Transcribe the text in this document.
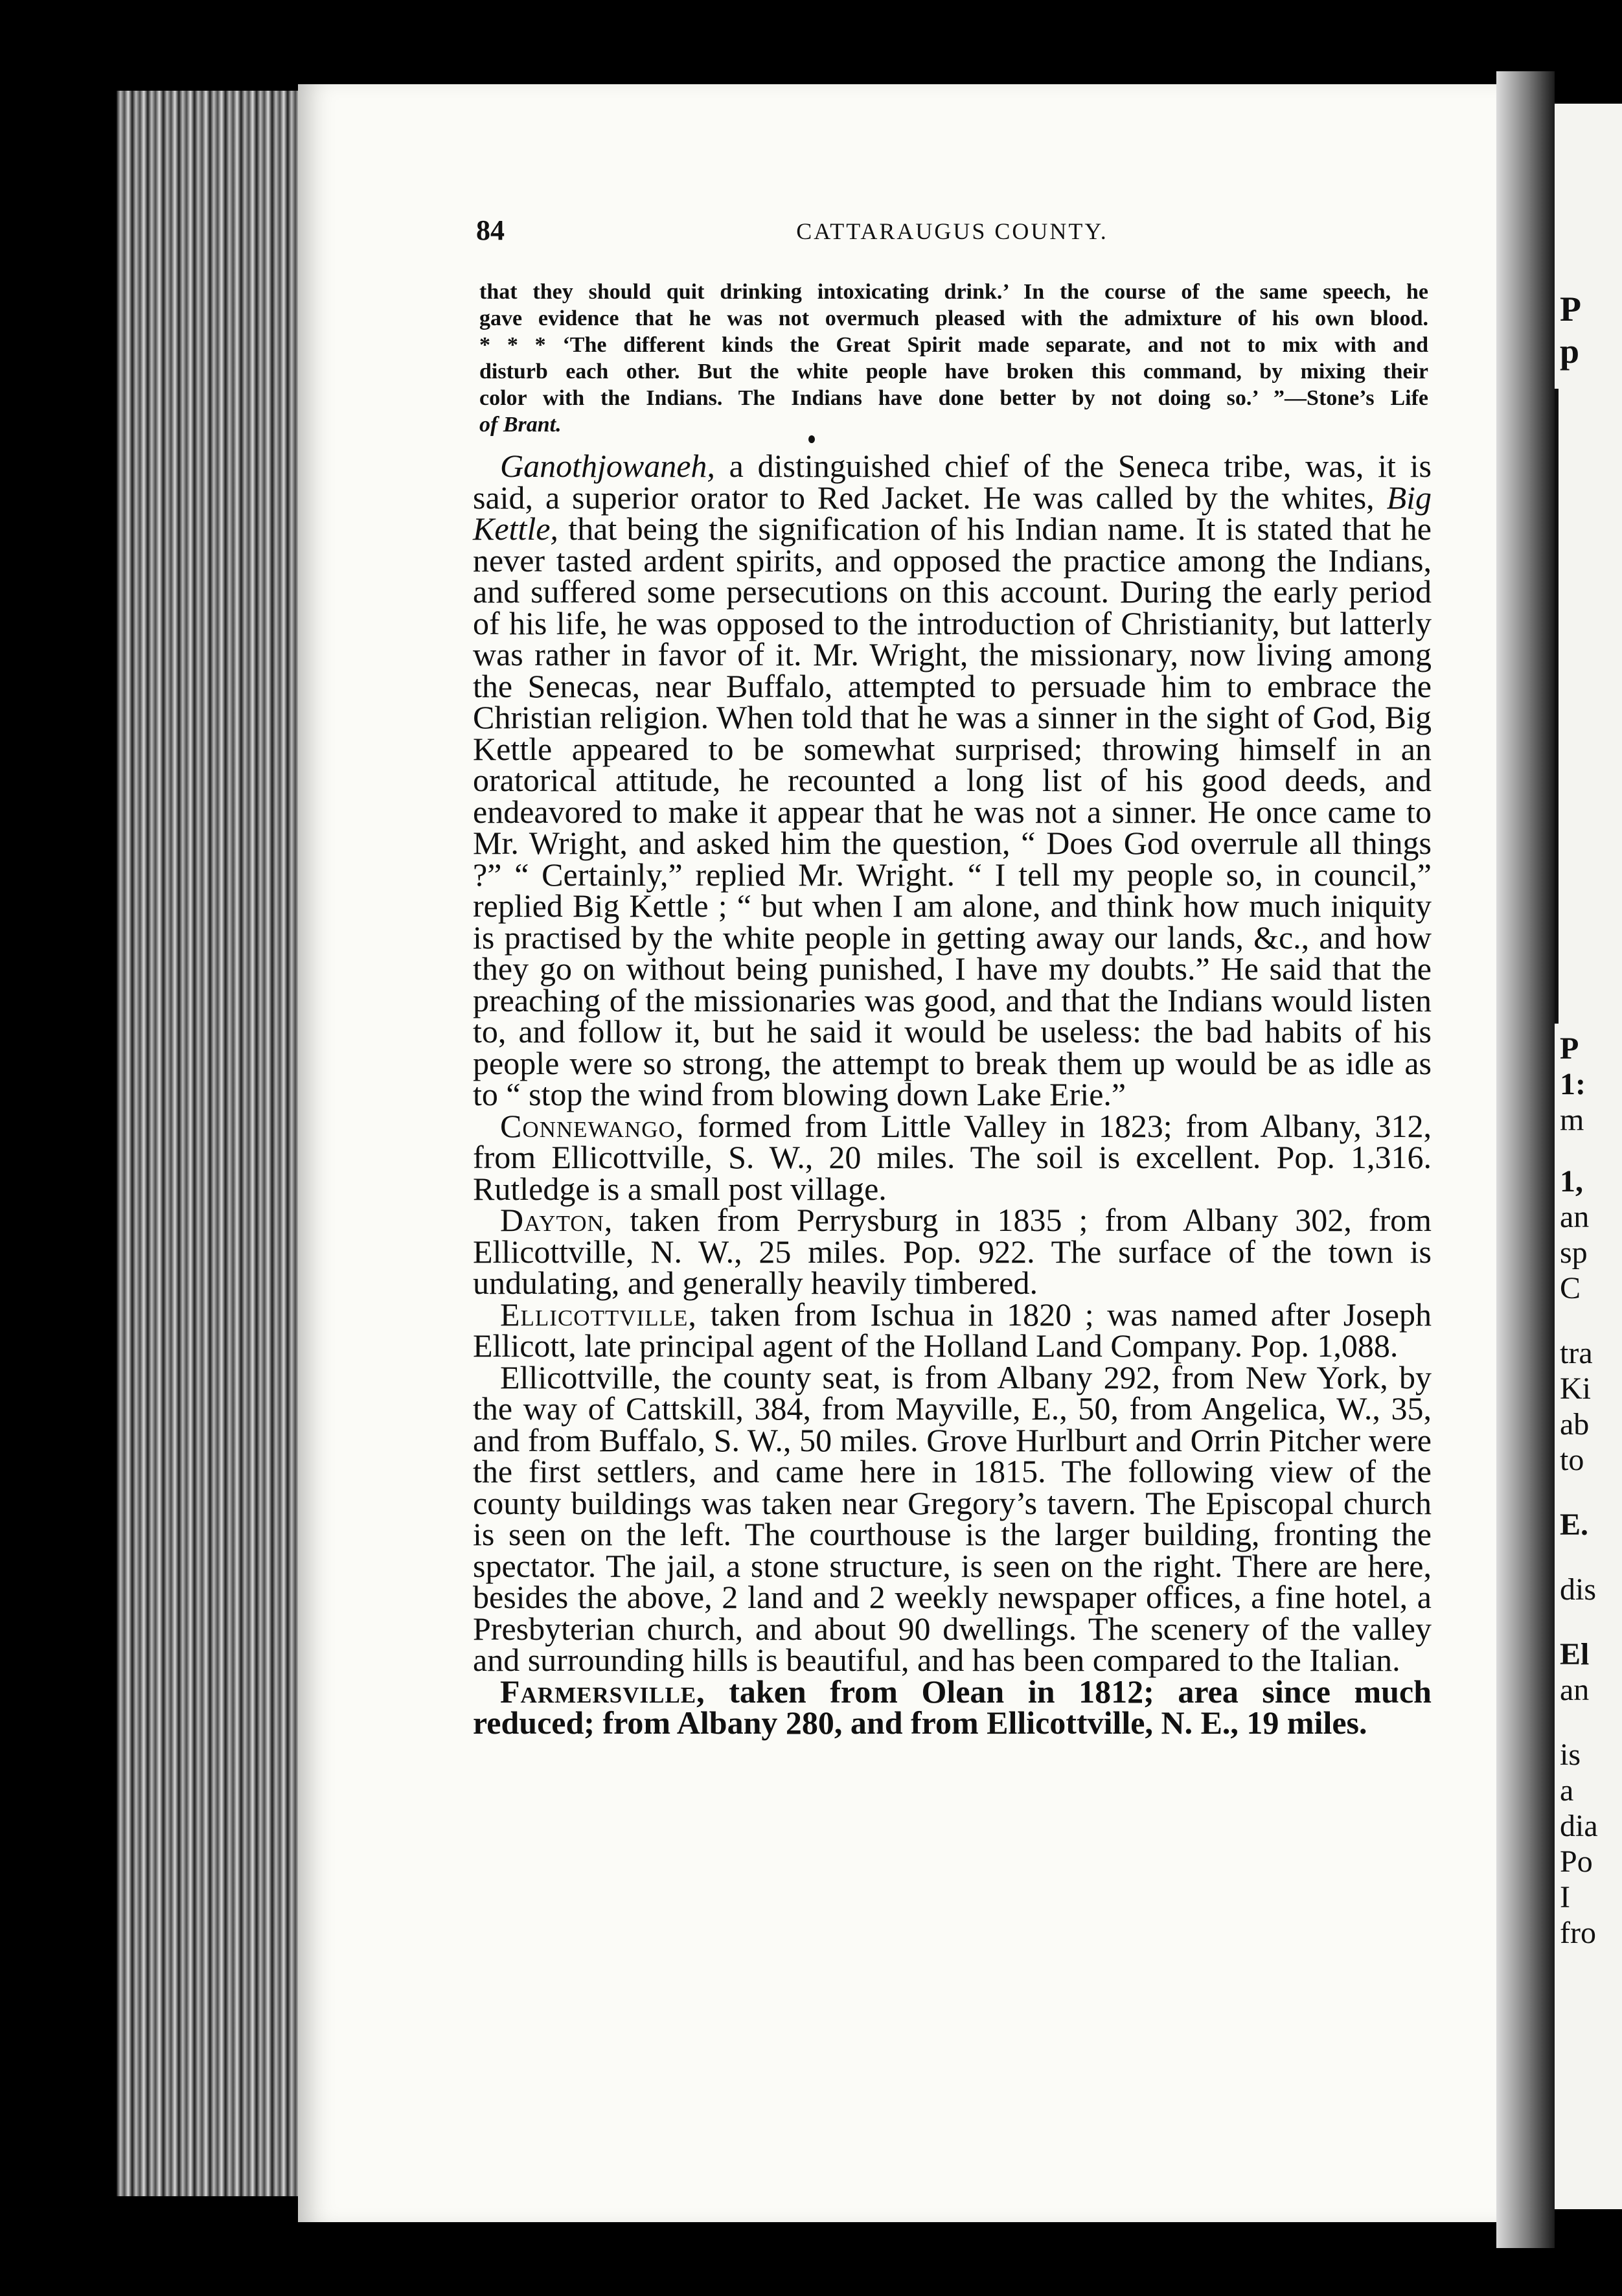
P
p
P
1:
m
1,
an
sp
C
tra
Ki
ab
to
E.
dis
El
an
is
a
dia
Po
I
fro
84	CATTARAUGUS COUNTY.
that they should quit drinking intoxicating drink.’ In the course of the same speech, he
gave evidence that he was not overmuch pleased with the admixture of his own blood.
* * * ‘The different kinds the Great Spirit made separate, and not to mix with and
disturb each other. But the white people have broken this command, by mixing their
color with the Indians. The Indians have done better by not doing so.’ ”—Stone’s Life
of Brant.

Ganothjowaneh, a distinguished chief of the Seneca tribe, was, it is said, a superior orator to Red Jacket. He was called by the whites, Big Kettle, that being the signification of his Indian name. It is stated that he never tasted ardent spirits, and opposed the practice among the Indians, and suffered some persecutions on this account. During the early period of his life, he was opposed to the introduction of Christianity, but latterly was rather in favor of it. Mr. Wright, the missionary, now living among the Senecas, near Buffalo, attempted to persuade him to embrace the Christian religion. When told that he was a sinner in the sight of God, Big Kettle appeared to be somewhat surprised; throwing himself in an oratorical attitude, he recounted a long list of his good deeds, and endeavored to make it appear that he was not a sinner. He once came to Mr. Wright, and asked him the question, “ Does God overrule all things ?” “ Certainly,” replied Mr. Wright. “ I tell my people so, in council,” replied Big Kettle ; “ but when I am alone, and think how much iniquity is practised by the white people in getting away our lands, &c., and how they go on without being punished, I have my doubts.” He said that the preaching of the missionaries was good, and that the Indians would listen to, and follow it, but he said it would be useless: the bad habits of his people were so strong, the attempt to break them up would be as idle as to “ stop the wind from blowing down Lake Erie.”

Connewango, formed from Little Valley in 1823; from Albany, 312, from Ellicottville, S. W., 20 miles. The soil is excellent. Pop. 1,316. Rutledge is a small post village.

Dayton, taken from Perrysburg in 1835 ; from Albany 302, from Ellicottville, N. W., 25 miles. Pop. 922. The surface of the town is undulating, and generally heavily timbered.

Ellicottville, taken from Ischua in 1820 ; was named after Joseph Ellicott, late principal agent of the Holland Land Company. Pop. 1,088.

Ellicottville, the county seat, is from Albany 292, from New York, by the way of Cattskill, 384, from Mayville, E., 50, from Angelica, W., 35, and from Buffalo, S. W., 50 miles. Grove Hurlburt and Orrin Pitcher were the first settlers, and came here in 1815. The following view of the county buildings was taken near Gregory’s tavern. The Episcopal church is seen on the left. The courthouse is the larger building, fronting the spectator. The jail, a stone structure, is seen on the right. There are here, besides the above, 2 land and 2 weekly newspaper offices, a fine hotel, a Presbyterian church, and about 90 dwellings. The scenery of the valley and surrounding hills is beautiful, and has been compared to the Italian.

Farmersville, taken from Olean in 1812; area since much reduced; from Albany 280, and from Ellicottville, N. E., 19 miles.
